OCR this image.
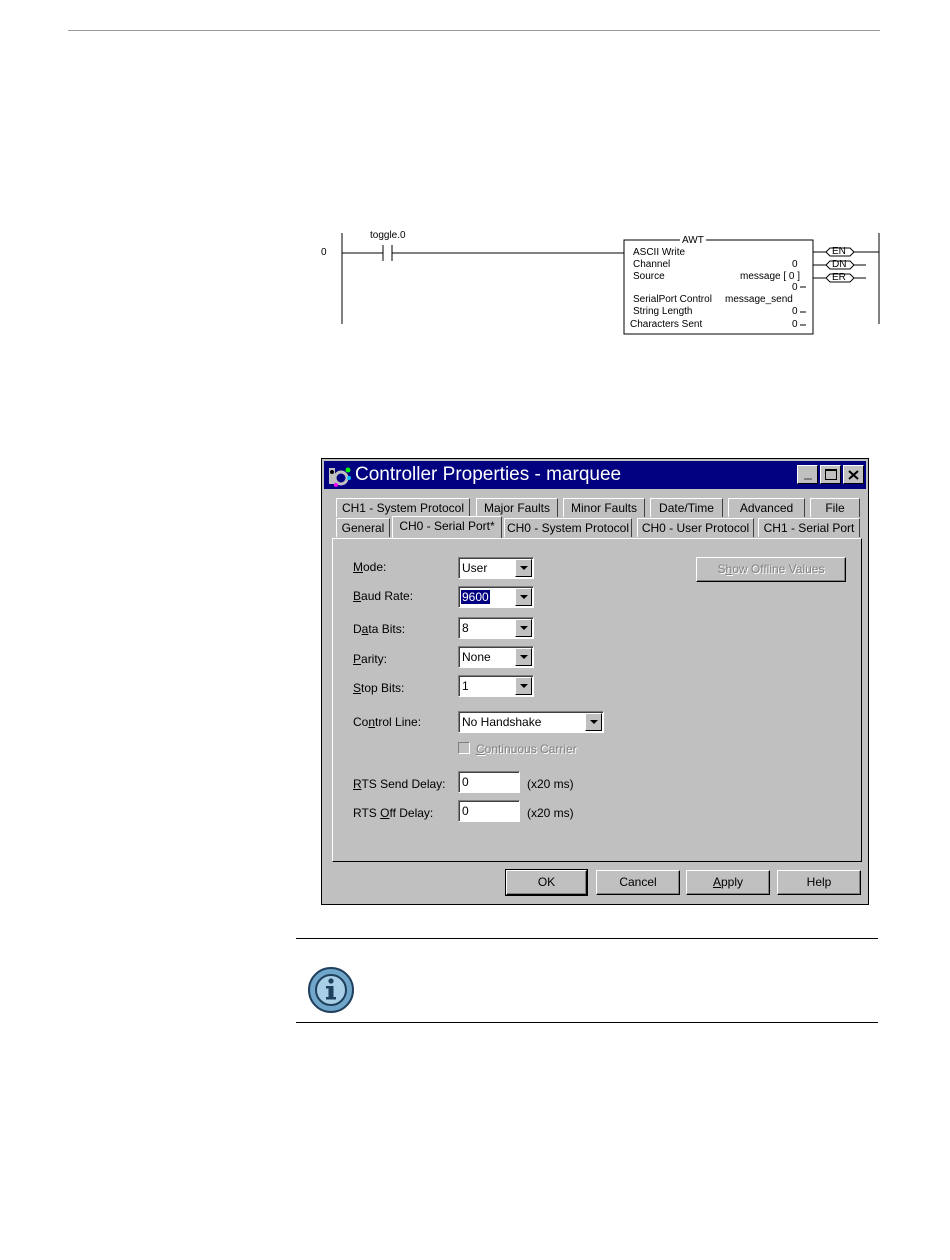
0
toggle.0	AWT
ASCII Write
Channel	0
Source	message [ 0 ]
0
SerialPort Control message_send
String Length	0
Characters Sent	0
EN
DN
ER
Controller Properties - marquee
CH1 - System Protocol	Major Faults	Minor Faults	Date/Time	Advanced	File
General	CH0 - Serial Port*	CH0 - System Protocol	CH0 - User Protocol	CH1 - Serial Port
Mode:	User
Baud Rate:	9600
Data Bits:	8
Parity:	None
Stop Bits:	1
Control Line:	No Handshake
Continuous Carrier
RTS Send Delay:	0	(x20 ms)
RTS Off Delay:	0	(x20 ms)
Show Offline Values
OK	Cancel	Apply	Help
